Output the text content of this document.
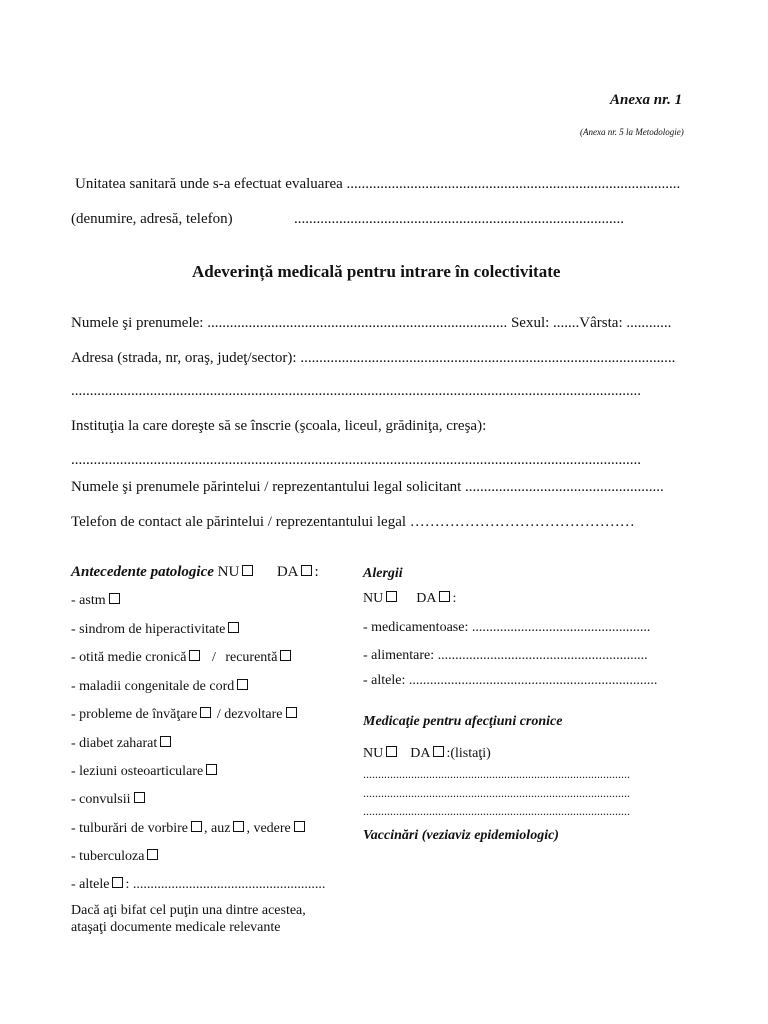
Anexa nr. 1
(Anexa nr. 5 la Metodologie)
Unitatea sanitară unde s-a efectuat evaluarea .........................................................................................
(denumire, adresă, telefon)	........................................................................................
Adeverință medicală pentru intrare în colectivitate
Numele şi prenumele: ................................................................................ Sexul: .......Vârsta: ............
Adresa (strada, nr, oraş, judeţ/sector): ....................................................................................................
........................................................................................................................................................
Instituţia la care doreşte să se înscrie (şcoala, liceul, grădiniţa, creşa):
........................................................................................................................................................
Numele şi prenumele părintelui / reprezentantului legal solicitant .....................................................
Telefon de contact ale părintelui / reprezentantului legal ………………………………………
Antecedente patologice NU	DA :
- astm
- sindrom de hiperactivitate
- otită medie cronică / recurentă
- maladii congenitale de cord
- probleme de învăţare / dezvoltare
- diabet zaharat
- leziuni osteoarticulare
- convulsii
- tulburări de vorbire , auz , vedere
- tuberculoza
- altele : .......................................................
Dacă aţi bifat cel puţin una dintre acestea,
ataşaţi documente medicale relevante
Alergii
NU DA :
- medicamentoase: ...................................................
- alimentare: ............................................................
- altele: .......................................................................
Medicaţie pentru afecţiuni cronice
NU DA :(listaţi)
.........................................................................................
.........................................................................................
.........................................................................................
Vaccinări (veziaviz epidemiologic)
